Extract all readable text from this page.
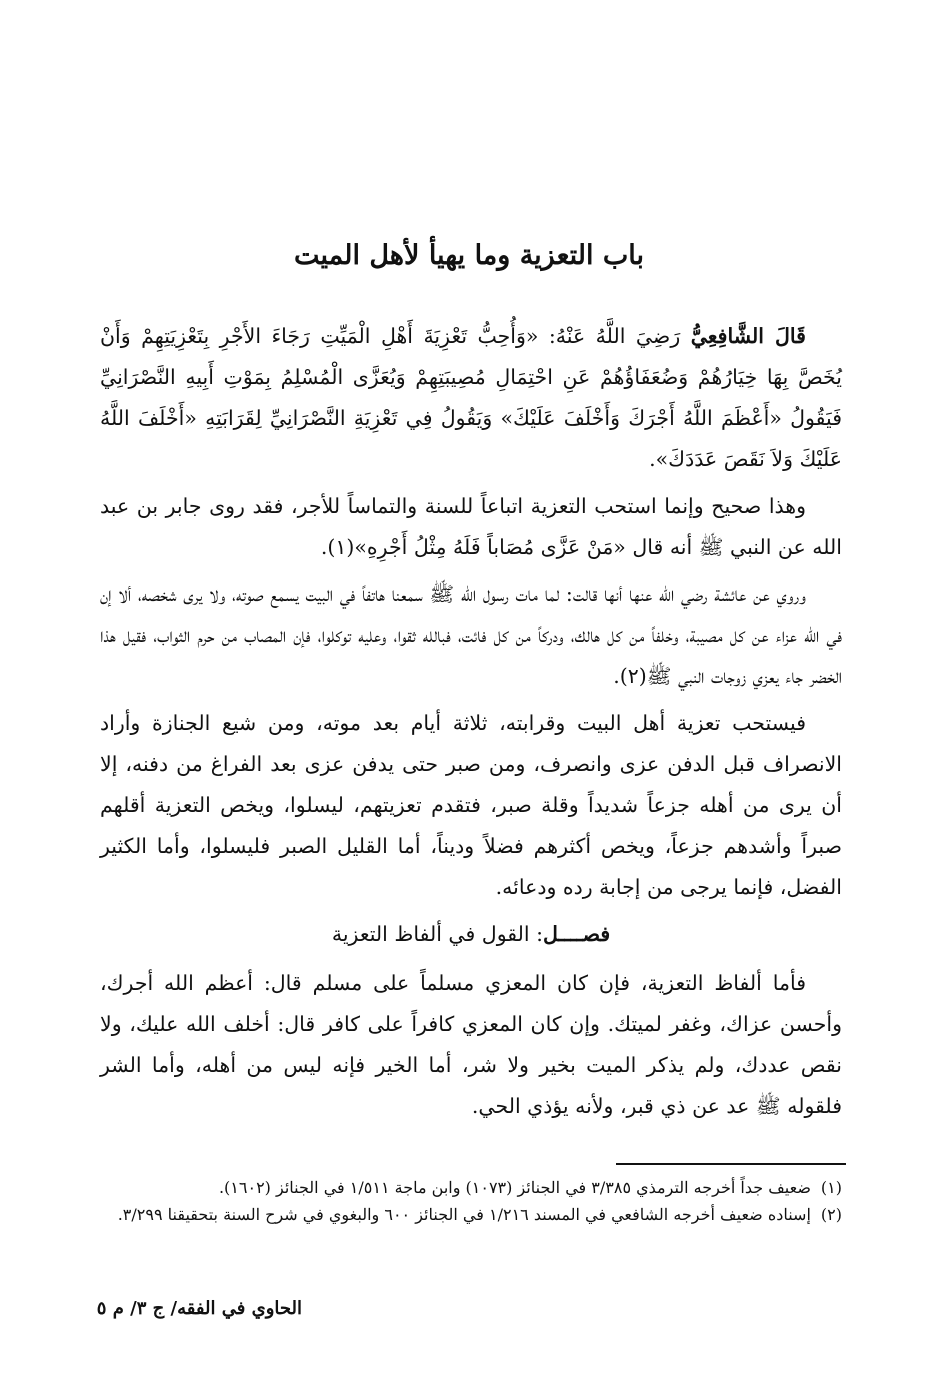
باب التعزية وما يهيأ لأهل الميت

قَالَ الشَّافِعِيُّ رَضِيَ اللَّهُ عَنْهُ: «وَأُحِبُّ تَعْزِيَةَ أَهْلِ الْمَيِّتِ رَجَاءَ الأَجْرِ بِتَعْزِيَتِهِمْ وَأَنْ يُخَصَّ بِهَا خِيَارُهُمْ وَضُعَفَاؤُهُمْ عَنِ احْتِمَالِ مُصِيبَتِهِمْ وَيُعَزَّى الْمُسْلِمُ بِمَوْتِ أَبِيهِ النَّصْرَانِيِّ فَيَقُولُ «أَعْظَمَ اللَّهُ أَجْرَكَ وَأَخْلَفَ عَلَيْكَ» وَيَقُولُ فِي تَعْزِيَةِ النَّصْرَانِيِّ لِقَرَابَتِهِ «أَخْلَفَ اللَّهُ عَلَيْكَ وَلاَ نَقَصَ عَدَدَكَ».

وهذا صحيح وإنما استحب التعزية اتباعاً للسنة والتماساً للأجر، فقد روى جابر بن عبد الله عن النبي ﷺ أنه قال «مَنْ عَزَّى مُصَاباً فَلَهُ مِثْلُ أَجْرِهِ»(١).

وروي عن عائشة رضي الله عنها أنها قالت: لما مات رسول الله ﷺ سمعنا هاتفاً في البيت يسمع صوته، ولا يرى شخصه، ألا إن في الله عزاء عن كل مصيبة، وخلفاً من كل هالك، ودركاً من كل فائت، فبالله ثقوا، وعليه توكلوا، فإن المصاب من حرم الثواب، فقيل هذا الخضر جاء يعزي زوجات النبي ﷺ(٢).

فيستحب تعزية أهل البيت وقرابته، ثلاثة أيام بعد موته، ومن شيع الجنازة وأراد الانصراف قبل الدفن عزى وانصرف، ومن صبر حتى يدفن عزى بعد الفراغ من دفنه، إلا أن يرى من أهله جزعاً شديداً وقلة صبر، فتقدم تعزيتهم، ليسلوا، ويخص التعزية أقلهم صبراً وأشدهم جزعاً، ويخص أكثرهم فضلاً وديناً، أما القليل الصبر فليسلوا، وأما الكثير الفضل، فإنما يرجى من إجابة رده ودعائه.

فصــــل: القول في ألفاظ التعزية

فأما ألفاظ التعزية، فإن كان المعزي مسلماً على مسلم قال: أعظم الله أجرك، وأحسن عزاك، وغفر لميتك. وإن كان المعزي كافراً على كافر قال: أخلف الله عليك، ولا نقص عددك، ولم يذكر الميت بخير ولا شر، أما الخير فإنه ليس من أهله، وأما الشر فلقوله ﷺ عد عن ذي قبر، ولأنه يؤذي الحي.

(١)
ضعيف جداً أخرجه الترمذي ٣/٣٨٥ في الجنائز (١٠٧٣) وابن ماجة ١/٥١١ في الجنائز (١٦٠٢).
(٢)
إسناده ضعيف أخرجه الشافعي في المسند ١/٢١٦ في الجنائز ٦٠٠ والبغوي في شرح السنة بتحقيقنا ٣/٢٩٩.
الحاوي في الفقه/ ج ٣/ م ٥
